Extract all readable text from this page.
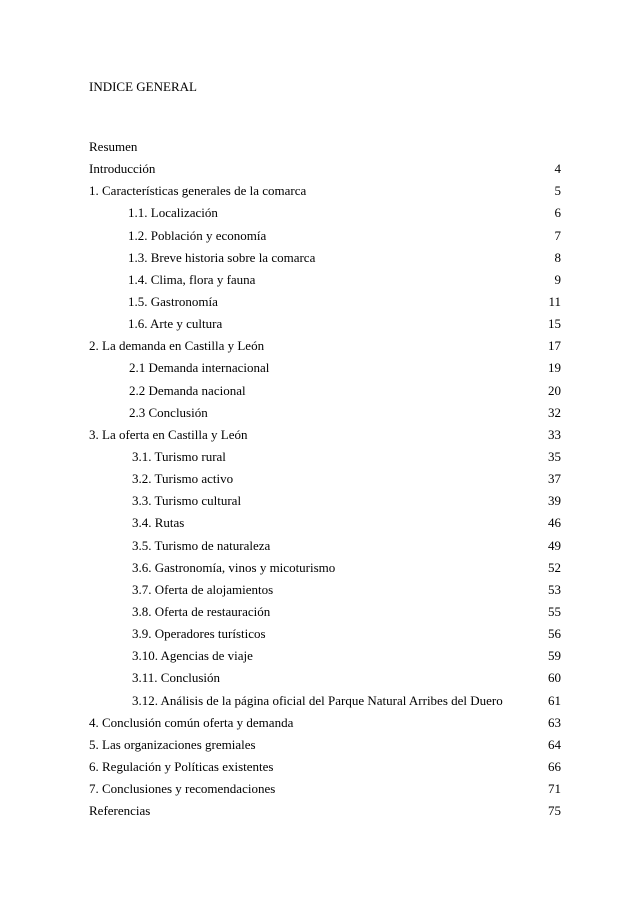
INDICE GENERAL
Resumen
Introducción	4
1. Características generales de la comarca	5
1.1. Localización	6
1.2. Población y economía	7
1.3. Breve historia sobre la comarca	8
1.4. Clima, flora y fauna	9
1.5. Gastronomía	11
1.6. Arte y cultura	15
2. La demanda en Castilla y León	17
2.1 Demanda internacional	19
2.2 Demanda nacional	20
2.3 Conclusión	32
3. La oferta en Castilla y León	33
3.1. Turismo rural	35
3.2. Turismo activo	37
3.3. Turismo cultural	39
3.4. Rutas	46
3.5. Turismo de naturaleza	49
3.6. Gastronomía, vinos y micoturismo	52
3.7. Oferta de alojamientos	53
3.8. Oferta de restauración	55
3.9. Operadores turísticos	56
3.10. Agencias de viaje	59
3.11. Conclusión	60
3.12. Análisis de la página oficial del Parque Natural Arribes del Duero	61
4. Conclusión común oferta y demanda	63
5. Las organizaciones gremiales	64
6. Regulación y Políticas existentes	66
7. Conclusiones y recomendaciones	71
Referencias	75
